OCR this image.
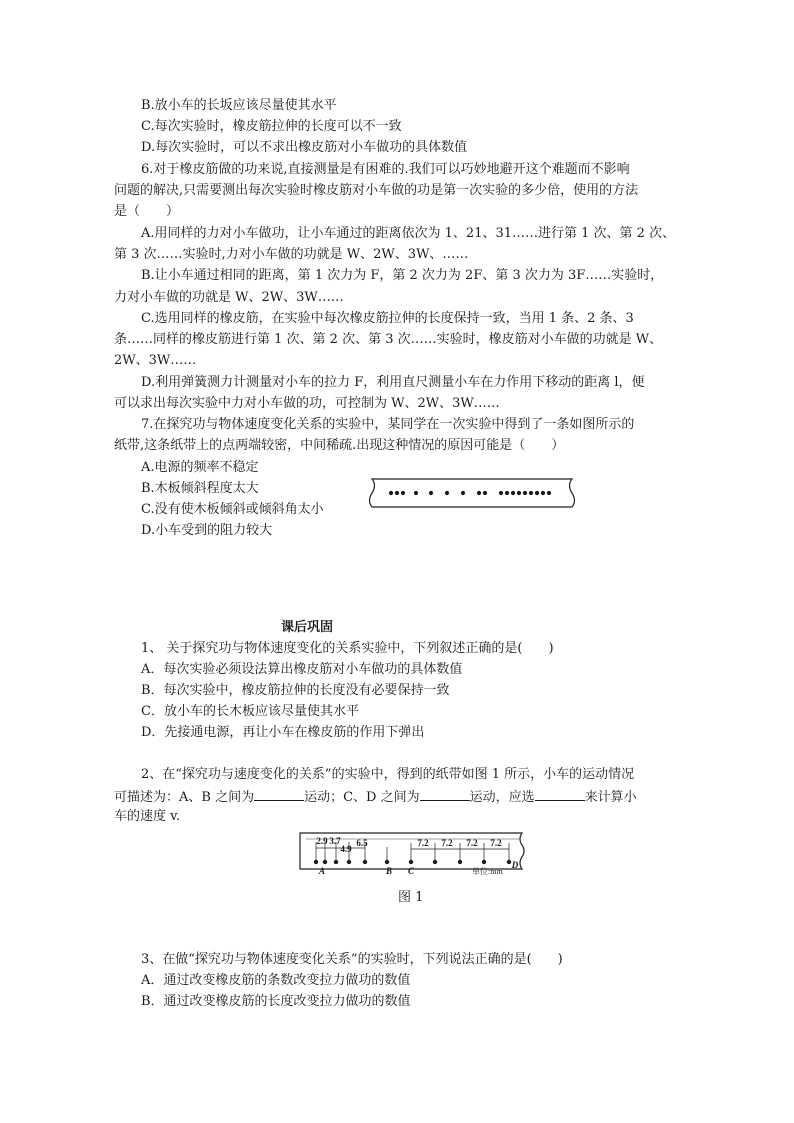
B.放小车的长坂应该尽量使其水平
C.每次实验时，橡皮筋拉伸的长度可以不一致
D.每次实验时，可以不求出橡皮筋对小车做功的具体数值
6.对于橡皮筋做的功来说,直接测量是有困难的.我们可以巧妙地避开这个难题而不影响
问题的解决,只需要测出每次实验时橡皮筋对小车做的功是第一次实验的多少倍，使用的方法
是（　　）
A.用同样的力对小车做功，让小车通过的距离依次为 1、21、31……进行第 1 次、第 2 次、
第 3 次……实验时,力对小车做的功就是 W、2W、3W、……
B.让小车通过相同的距离，第 1 次力为 F，第 2 次力为 2F、第 3 次力为 3F……实验时，
力对小车做的功就是 W、2W、3W……
C.选用同样的橡皮筋，在实验中每次橡皮筋拉伸的长度保持一致，当用 1 条、2 条、3
条……同样的橡皮筋进行第 1 次、第 2 次、第 3 次……实验时，橡皮筋对小车做的功就是 W、
2W、3W……
D.利用弹簧测力计测量对小车的拉力 F，利用直尺测量小车在力作用下移动的距离 l，便
可以求出每次实验中力对小车做的功，可控制为 W、2W、3W……
7.在探究功与物体速度变化关系的实验中，某同学在一次实验中得到了一条如图所示的
纸带,这条纸带上的点两端较密，中间稀疏.出现这种情况的原因可能是（　　）
A.电源的频率不稳定
B.木板倾斜程度太大
C.没有使木板倾斜或倾斜角太小
D.小车受到的阻力较大
课后巩固
1、 关于探究功与物体速度变化的关系实验中，下列叙述正确的是(　　)
A．每次实验必须设法算出橡皮筋对小车做功的具体数值
B．每次实验中，橡皮筋拉伸的长度没有必要保持一致
C．放小车的长木板应该尽量使其水平
D．先接通电源，再让小车在橡皮筋的作用下弹出
2、在“探究功与速度变化的关系”的实验中，得到的纸带如图 1 所示，小车的运动情况
可描述为：A、B 之间为	运动；C、D 之间为	运动，应选	来计算小
车的速度 v.
2.9 3.7
4.9
6.5	7.2 7.2 7.2 7.2
A	B C
D
单位:mm
图 1
3、在做“探究功与物体速度变化关系”的实验时，下列说法正确的是(　　)
A．通过改变橡皮筋的条数改变拉力做功的数值
B．通过改变橡皮筋的长度改变拉力做功的数值
